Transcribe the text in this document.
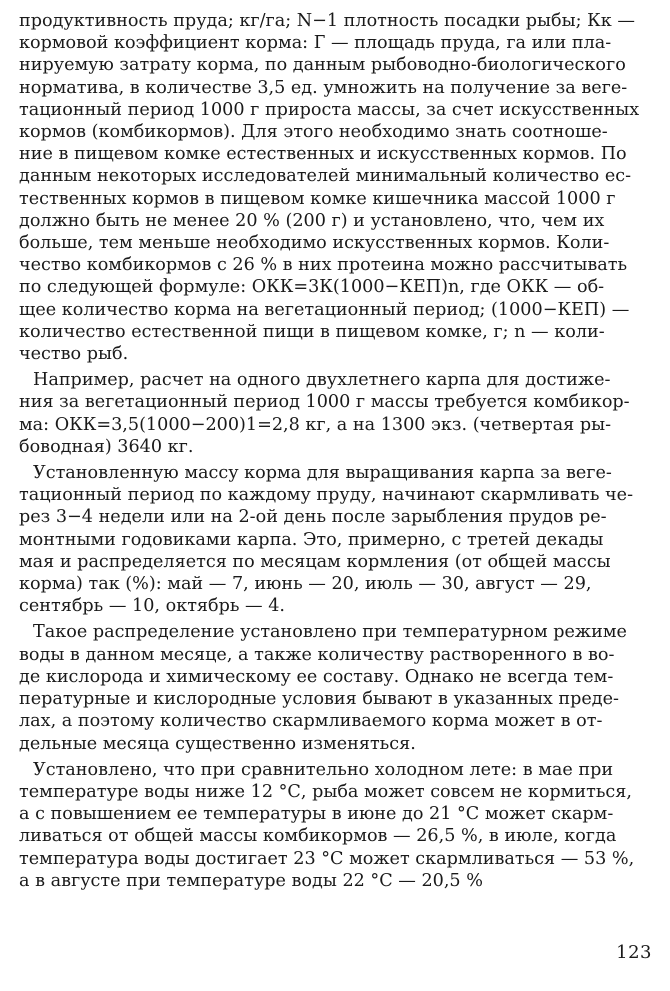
продуктивность пруда; кг/га; N−1 плотность посадки рыбы; Кк —
кормовой коэффициент корма: Г — площадь пруда, га или пла-
нируемую затрату корма, по данным рыбоводно-биологического
норматива, в количестве 3,5 ед. умножить на получение за веге-
тационный период 1000 г прироста массы, за счет искусственных
кормов (комбикормов). Для этого необходимо знать соотноше-
ние в пищевом комке естественных и искусственных кормов. По
данным некоторых исследователей минимальный количество ес-
тественных кормов в пищевом комке кишечника массой 1000 г
должно быть не менее 20 % (200 г) и установлено, что, чем их
больше, тем меньше необходимо искусственных кормов. Коли-
чество комбикормов с 26 % в них протеина можно рассчитывать
по следующей формуле: ОКК=3К(1000−КЕП)n, где ОКК — об-
щее количество корма на вегетационный период; (1000−КЕП) —
количество естественной пищи в пищевом комке, г; n — коли-
чество рыб.

Например, расчет на одного двухлетнего карпа для достиже-
ния за вегетационный период 1000 г массы требуется комбикор-
ма: ОКК=3,5(1000−200)1=2,8 кг, а на 1300 экз. (четвертая ры-
боводная) 3640 кг.

Установленную массу корма для выращивания карпа за веге-
тационный период по каждому пруду, начинают скармливать че-
рез 3−4 недели или на 2-ой день после зарыбления прудов ре-
монтными годовиками карпа. Это, примерно, с третей декады
мая и распределяется по месяцам кормления (от общей массы
корма) так (%): май — 7, июнь — 20, июль — 30, август — 29,
сентябрь — 10, октябрь — 4.

Такое распределение установлено при температурном режиме
воды в данном месяце, а также количеству растворенного в во-
де кислорода и химическому ее составу. Однако не всегда тем-
пературные и кислородные условия бывают в указанных преде-
лах, а поэтому количество скармливаемого корма может в от-
дельные месяца существенно изменяться.

Установлено, что при сравнительно холодном лете: в мае при
температуре воды ниже 12 °С, рыба может совсем не кормиться,
а с повышением ее температуры в июне до 21 °С может скарм-
ливаться от общей массы комбикормов — 26,5 %, в июле, когда
температура воды достигает 23 °С может скармливаться — 53 %,
а в августе при температуре воды 22 °С — 20,5 %

123
